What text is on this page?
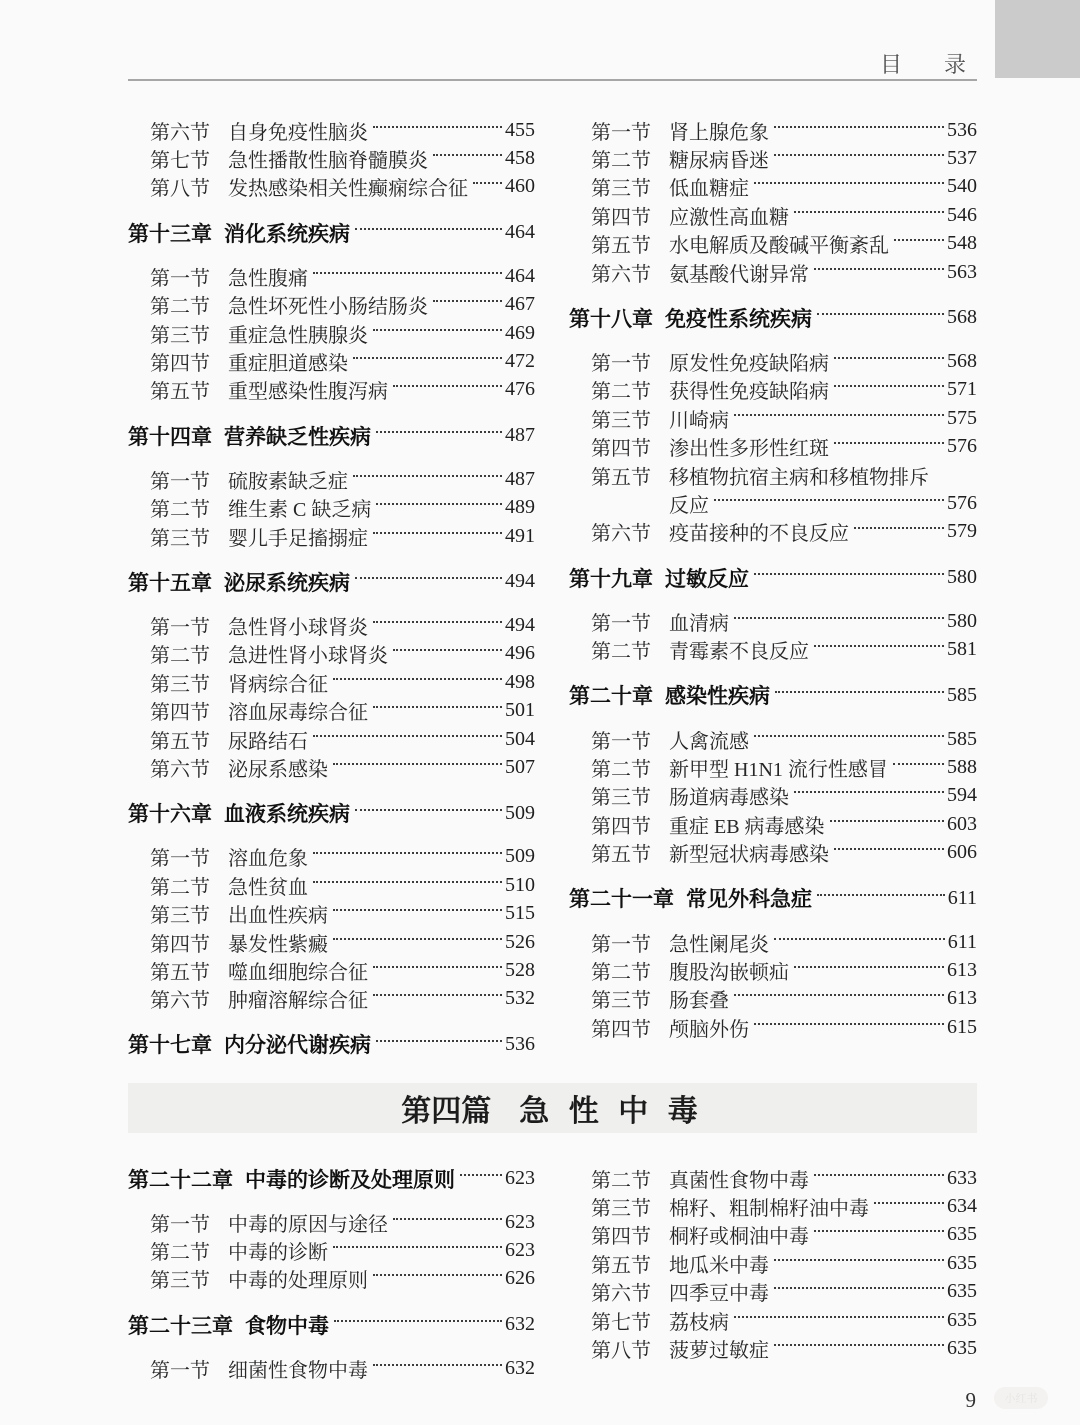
目　录
第六节 自身免疫性脑炎	455
第七节 急性播散性脑脊髓膜炎	458
第八节 发热感染相关性癫痫综合征 460
第十三章 消化系统疾病	464
第一节 急性腹痛	464
第二节 急性坏死性小肠结肠炎	467
第三节 重症急性胰腺炎	469
第四节 重症胆道感染	472
第五节 重型感染性腹泻病	476
第十四章 营养缺乏性疾病	487
第一节 硫胺素缺乏症	487
第二节 维生素 C 缺乏病	489
第三节 婴儿手足搐搦症	491
第十五章 泌尿系统疾病	494
第一节 急性肾小球肾炎	494
第二节 急进性肾小球肾炎	496
第三节 肾病综合征	498
第四节 溶血尿毒综合征	501
第五节 尿路结石	504
第六节 泌尿系感染	507
第十六章 血液系统疾病	509
第一节 溶血危象	509
第二节 急性贫血	510
第三节 出血性疾病	515
第四节 暴发性紫癜	526
第五节 噬血细胞综合征	528
第六节 肿瘤溶解综合征	532
第十七章 内分泌代谢疾病	536
第一节 肾上腺危象	536
第二节 糖尿病昏迷	537
第三节 低血糖症	540
第四节 应激性高血糖	546
第五节 水电解质及酸碱平衡紊乱	548
第六节 氨基酸代谢异常	563
第十八章 免疫性系统疾病	568
第一节 原发性免疫缺陷病	568
第二节 获得性免疫缺陷病	571
第三节 川崎病	575
第四节 渗出性多形性红斑	576
第五节 移植物抗宿主病和移植物排斥
反应	576
第六节 疫苗接种的不良反应	579
第十九章 过敏反应	580
第一节 血清病	580
第二节 青霉素不良反应	581
第二十章 感染性疾病	585
第一节 人禽流感	585
第二节 新甲型 H1N1 流行性感冒	588
第三节 肠道病毒感染	594
第四节 重症 EB 病毒感染	603
第五节 新型冠状病毒感染	606
第二十一章 常见外科急症	611
第一节 急性阑尾炎	611
第二节 腹股沟嵌顿疝	613
第三节 肠套叠	613
第四节 颅脑外伤	615
第四篇 急 性 中 毒
第二十二章 中毒的诊断及处理原则	623
第一节 中毒的原因与途径	623
第二节 中毒的诊断	623
第三节 中毒的处理原则	626
第二十三章 食物中毒	632
第一节 细菌性食物中毒	632
第二节 真菌性食物中毒	633
第三节 棉籽、粗制棉籽油中毒	634
第四节 桐籽或桐油中毒	635
第五节 地瓜米中毒	635
第六节 四季豆中毒	635
第七节 荔枝病	635
第八节 菠萝过敏症	635
9	小红书
